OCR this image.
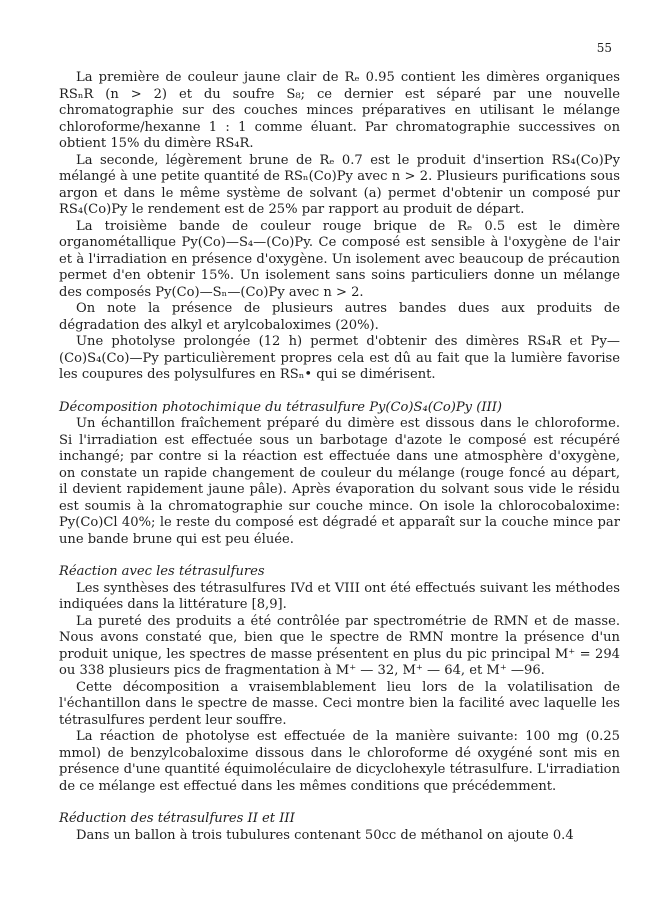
55

La première de couleur jaune clair de Rₑ 0.95 contient les dimères organiques RSₙR (n > 2) et du soufre S₈; ce dernier est séparé par une nouvelle chromatographie sur des couches minces préparatives en utilisant le mélange chloroforme/hexanne 1 : 1 comme éluant. Par chromatographie successives on obtient 15% du dimère RS₄R.

La seconde, légèrement brune de Rₑ 0.7 est le produit d'insertion RS₄(Co)Py mélangé à une petite quantité de RSₙ(Co)Py avec n > 2. Plusieurs purifications sous argon et dans le même système de solvant (a) permet d'obtenir un composé pur RS₄(Co)Py le rendement est de 25% par rapport au produit de départ.

La troisième bande de couleur rouge brique de Rₑ 0.5 est le dimère organométallique Py(Co)—S₄—(Co)Py. Ce composé est sensible à l'oxygène de l'air et à l'irradiation en présence d'oxygène. Un isolement avec beaucoup de précaution permet d'en obtenir 15%. Un isolement sans soins particuliers donne un mélange des composés Py(Co)—Sₙ—(Co)Py avec n > 2.

On note la présence de plusieurs autres bandes dues aux produits de dégradation des alkyl et arylcobaloximes (20%).

Une photolyse prolongée (12 h) permet d'obtenir des dimères RS₄R et Py—(Co)S₄(Co)—Py particulièrement propres cela est dû au fait que la lumière favorise les coupures des polysulfures en RSₙ• qui se dimérisent.

Décomposition photochimique du tétrasulfure Py(Co)S₄(Co)Py (III)

Un échantillon fraîchement préparé du dimère est dissous dans le chloroforme. Si l'irradiation est effectuée sous un barbotage d'azote le composé est récupéré inchangé; par contre si la réaction est effectuée dans une atmosphère d'oxygène, on constate un rapide changement de couleur du mélange (rouge foncé au départ, il devient rapidement jaune pâle). Après évaporation du solvant sous vide le résidu est soumis à la chromatographie sur couche mince. On isole la chlorocobaloxime: Py(Co)Cl 40%; le reste du composé est dégradé et apparaît sur la couche mince par une bande brune qui est peu éluée.

Réaction avec les tétrasulfures

Les synthèses des tétrasulfures IVd et VIII ont été effectués suivant les méthodes indiquées dans la littérature [8,9].

La pureté des produits a été contrôlée par spectrométrie de RMN et de masse. Nous avons constaté que, bien que le spectre de RMN montre la présence d'un produit unique, les spectres de masse présentent en plus du pic principal M⁺ = 294 ou 338 plusieurs pics de fragmentation à M⁺ — 32, M⁺ — 64, et M⁺ —96.

Cette décomposition a vraisemblablement lieu lors de la volatilisation de l'échantillon dans le spectre de masse. Ceci montre bien la facilité avec laquelle les tétrasulfures perdent leur souffre.

La réaction de photolyse est effectuée de la manière suivante: 100 mg (0.25 mmol) de benzylcobaloxime dissous dans le chloroforme dé oxygéné sont mis en présence d'une quantité équimoléculaire de dicyclohexyle tétrasulfure. L'irradiation de ce mélange est effectué dans les mêmes conditions que précédemment.

Réduction des tétrasulfures II et III

Dans un ballon à trois tubulures contenant 50cc de méthanol on ajoute 0.4
